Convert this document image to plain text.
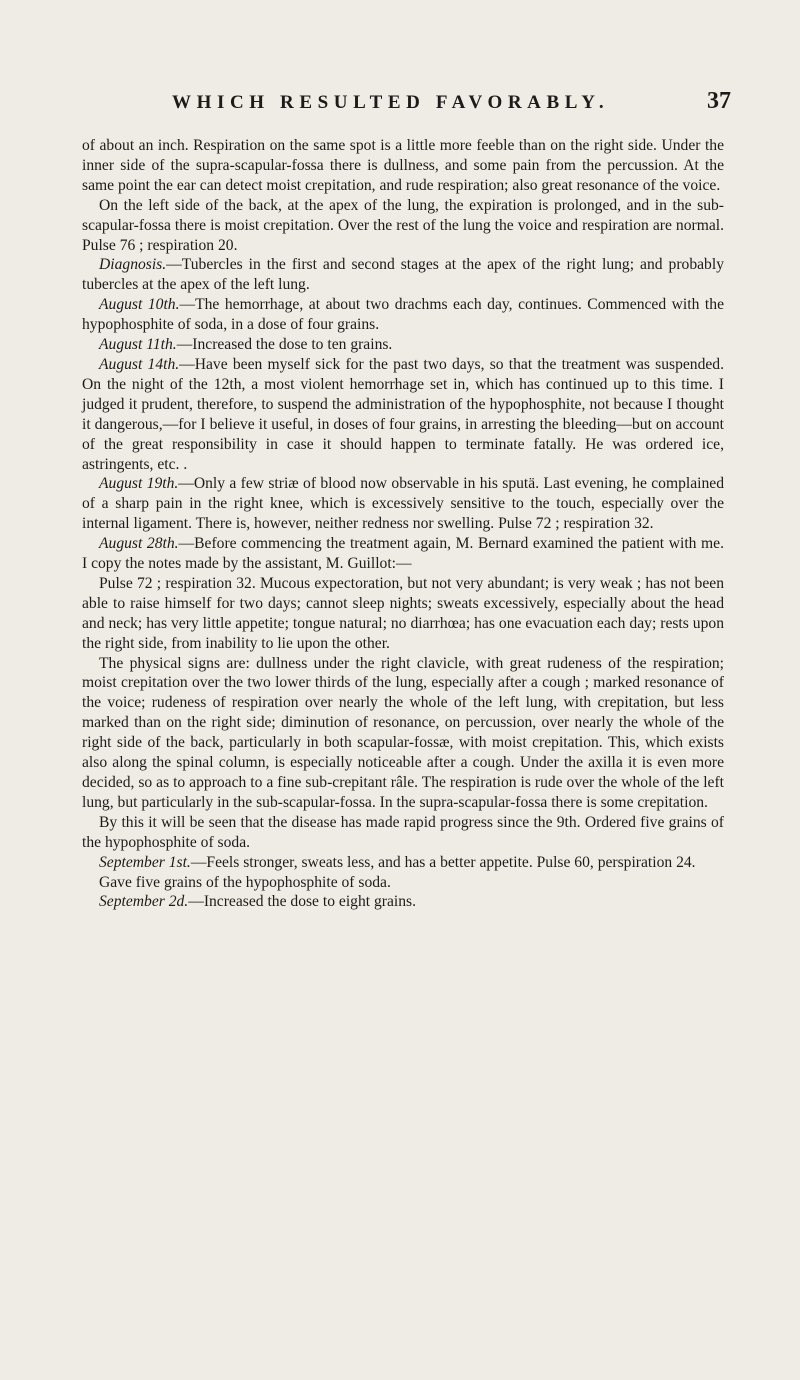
WHICH RESULTED FAVORABLY.	37

of about an inch. Respiration on the same spot is a little more feeble than on the right side. Under the inner side of the supra-scapular-fossa there is dullness, and some pain from the percussion. At the same point the ear can detect moist crepitation, and rude respiration; also great resonance of the voice.

On the left side of the back, at the apex of the lung, the expiration is prolonged, and in the sub-scapular-fossa there is moist crepitation. Over the rest of the lung the voice and respiration are normal. Pulse 76 ; respiration 20.

Diagnosis.—Tubercles in the first and second stages at the apex of the right lung; and probably tubercles at the apex of the left lung.

August 10th.—The hemorrhage, at about two drachms each day, continues. Commenced with the hypophosphite of soda, in a dose of four grains.

August 11th.—Increased the dose to ten grains.

August 14th.—Have been myself sick for the past two days, so that the treatment was suspended. On the night of the 12th, a most violent hemorrhage set in, which has continued up to this time. I judged it prudent, therefore, to suspend the administration of the hypophosphite, not because I thought it dangerous,—for I believe it useful, in doses of four grains, in arresting the bleeding—but on account of the great responsibility in case it should happen to terminate fatally. He was ordered ice, astringents, etc. .

August 19th.—Only a few striæ of blood now observable in his sputä. Last evening, he complained of a sharp pain in the right knee, which is excessively sensitive to the touch, especially over the internal ligament. There is, however, neither redness nor swelling. Pulse 72 ; respiration 32.

August 28th.—Before commencing the treatment again, M. Bernard examined the patient with me. I copy the notes made by the assistant, M. Guillot:—

Pulse 72 ; respiration 32. Mucous expectoration, but not very abundant; is very weak ; has not been able to raise himself for two days; cannot sleep nights; sweats excessively, especially about the head and neck; has very little appetite; tongue natural; no diarrhœa; has one evacuation each day; rests upon the right side, from inability to lie upon the other.

The physical signs are: dullness under the right clavicle, with great rudeness of the respiration; moist crepitation over the two lower thirds of the lung, especially after a cough ; marked resonance of the voice; rudeness of respiration over nearly the whole of the left lung, with crepitation, but less marked than on the right side; diminution of resonance, on percussion, over nearly the whole of the right side of the back, particularly in both scapular-fossæ, with moist crepitation. This, which exists also along the spinal column, is especially noticeable after a cough. Under the axilla it is even more decided, so as to approach to a fine sub-crepitant râle. The respiration is rude over the whole of the left lung, but particularly in the sub-scapular-fossa. In the supra-scapular-fossa there is some crepitation.

By this it will be seen that the disease has made rapid progress since the 9th. Ordered five grains of the hypophosphite of soda.

September 1st.—Feels stronger, sweats less, and has a better appetite. Pulse 60, perspiration 24.

Gave five grains of the hypophosphite of soda.

September 2d.—Increased the dose to eight grains.
